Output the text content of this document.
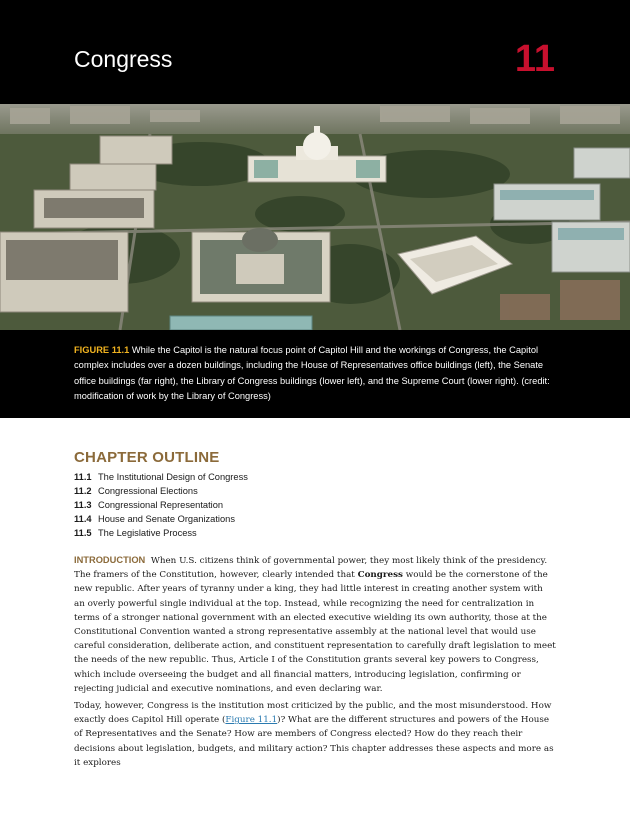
Congress	11

FIGURE 11.1 While the Capitol is the natural focus point of Capitol Hill and the workings of Congress, the Capitol complex includes over a dozen buildings, including the House of Representatives office buildings (left), the Senate office buildings (far right), the Library of Congress buildings (lower left), and the Supreme Court (lower right). (credit: modification of work by the Library of Congress)

CHAPTER OUTLINE
11.1 The Institutional Design of Congress
11.2 Congressional Elections
11.3 Congressional Representation
11.4 House and Senate Organizations
11.5 The Legislative Process

INTRODUCTION When U.S. citizens think of governmental power, they most likely think of the presidency. The framers of the Constitution, however, clearly intended that Congress would be the cornerstone of the new republic. After years of tyranny under a king, they had little interest in creating another system with an overly powerful single individual at the top. Instead, while recognizing the need for centralization in terms of a stronger national government with an elected executive wielding its own authority, those at the Constitutional Convention wanted a strong representative assembly at the national level that would use careful consideration, deliberate action, and constituent representation to carefully draft legislation to meet the needs of the new republic. Thus, Article I of the Constitution grants several key powers to Congress, which include overseeing the budget and all financial matters, introducing legislation, confirming or rejecting judicial and executive nominations, and even declaring war.

Today, however, Congress is the institution most criticized by the public, and the most misunderstood. How exactly does Capitol Hill operate (Figure 11.1)? What are the different structures and powers of the House of Representatives and the Senate? How are members of Congress elected? How do they reach their decisions about legislation, budgets, and military action? This chapter addresses these aspects and more as it explores
